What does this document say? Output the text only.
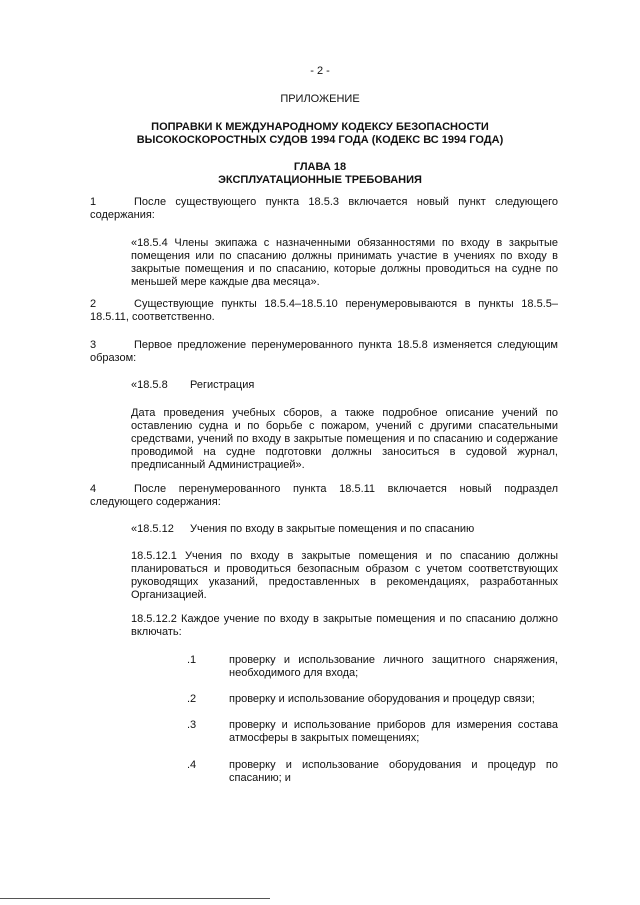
- 2 -

ПРИЛОЖЕНИЕ

ПОПРАВКИ К МЕЖДУНАРОДНОМУ КОДЕКСУ БЕЗОПАСНОСТИ

ВЫСОКОСКОРОСТНЫХ СУДОВ 1994 ГОДА (КОДЕКС ВС 1994 ГОДА)

ГЛАВА 18

ЭКСПЛУАТАЦИОННЫЕ ТРЕБОВАНИЯ

1	После существующего пункта 18.5.3 включается новый пункт следующего
содержания:
«18.5.4 Члены экипажа с назначенными обязанностями по входу в закрытые помещения или по спасанию должны принимать участие в учениях по входу в закрытые помещения и по спасанию, которые должны проводиться на судне по меньшей мере каждые два месяца».

2	Существующие пункты 18.5.4–18.5.10 перенумеровываются в пункты 18.5.5–
18.5.11, соответственно.

3	Первое предложение перенумерованного пункта 18.5.8 изменяется следующим
образом:

«18.5.8 Регистрация

Дата проведения учебных сборов, а также подробное описание учений по оставлению судна и по борьбе с пожаром, учений с другими спасательными средствами, учений по входу в закрытые помещения и по спасанию и содержание проводимой на судне подготовки должны заноситься в судовой журнал, предписанный Администрацией».

4	После перенумерованного пункта 18.5.11 включается новый подраздел
следующего содержания:

«18.5.12 Учения по входу в закрытые помещения и по спасанию

18.5.12.1 Учения по входу в закрытые помещения и по спасанию должны планироваться и проводиться безопасным образом с учетом соответствующих руководящих указаний, предоставленных в рекомендациях, разработанных Организацией.
18.5.12.2 Каждое учение по входу в закрытые помещения и по спасанию должно включать:

.1	проверку и использование личного защитного снаряжения, необходимого для входа;

.2	проверку и использование оборудования и процедур связи;

.3	проверку и использование приборов для измерения состава атмосферы в закрытых помещениях;

.4	проверку и использование оборудования и процедур по спасанию; и
